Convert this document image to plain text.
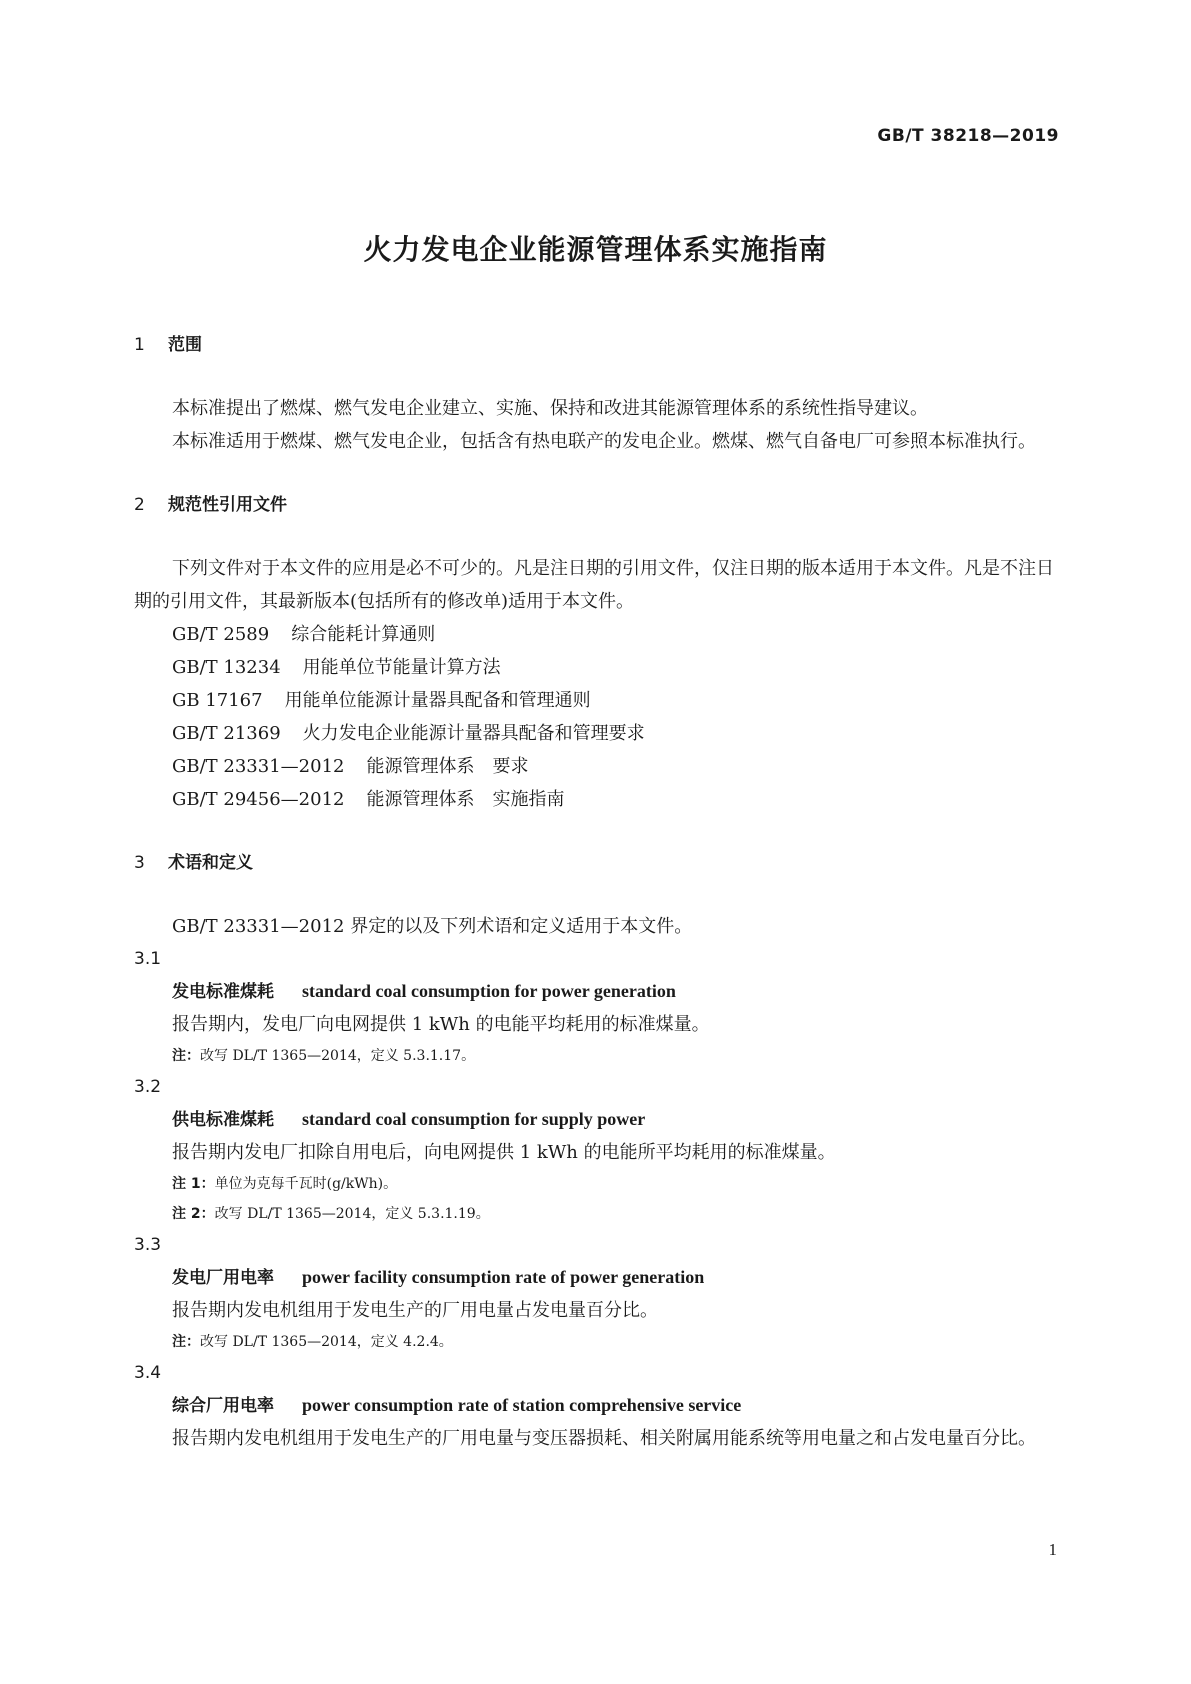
GB/T 38218—2019
火力发电企业能源管理体系实施指南
1 范围

本标准提出了燃煤、燃气发电企业建立、实施、保持和改进其能源管理体系的系统性指导建议。

本标准适用于燃煤、燃气发电企业，包括含有热电联产的发电企业。燃煤、燃气自备电厂可参照本标准执行。

2 规范性引用文件

下列文件对于本文件的应用是必不可少的。凡是注日期的引用文件，仅注日期的版本适用于本文件。凡是不注日期的引用文件，其最新版本(包括所有的修改单)适用于本文件。

GB/T 2589 综合能耗计算通则

GB/T 13234 用能单位节能量计算方法

GB 17167 用能单位能源计量器具配备和管理通则

GB/T 21369 火力发电企业能源计量器具配备和管理要求

GB/T 23331—2012 能源管理体系　要求

GB/T 29456—2012 能源管理体系　实施指南

3 术语和定义

GB/T 23331—2012 界定的以及下列术语和定义适用于本文件。

3.1

发电标准煤耗 standard coal consumption for power generation

报告期内，发电厂向电网提供 1 kWh 的电能平均耗用的标准煤量。

注：改写 DL/T 1365—2014，定义 5.3.1.17。

3.2

供电标准煤耗 standard coal consumption for supply power

报告期内发电厂扣除自用电后，向电网提供 1 kWh 的电能所平均耗用的标准煤量。

注 1：单位为克每千瓦时(g/kWh)。

注 2：改写 DL/T 1365—2014，定义 5.3.1.19。

3.3

发电厂用电率 power facility consumption rate of power generation

报告期内发电机组用于发电生产的厂用电量占发电量百分比。

注：改写 DL/T 1365—2014，定义 4.2.4。

3.4

综合厂用电率 power consumption rate of station comprehensive service

报告期内发电机组用于发电生产的厂用电量与变压器损耗、相关附属用能系统等用电量之和占发电量百分比。

1
